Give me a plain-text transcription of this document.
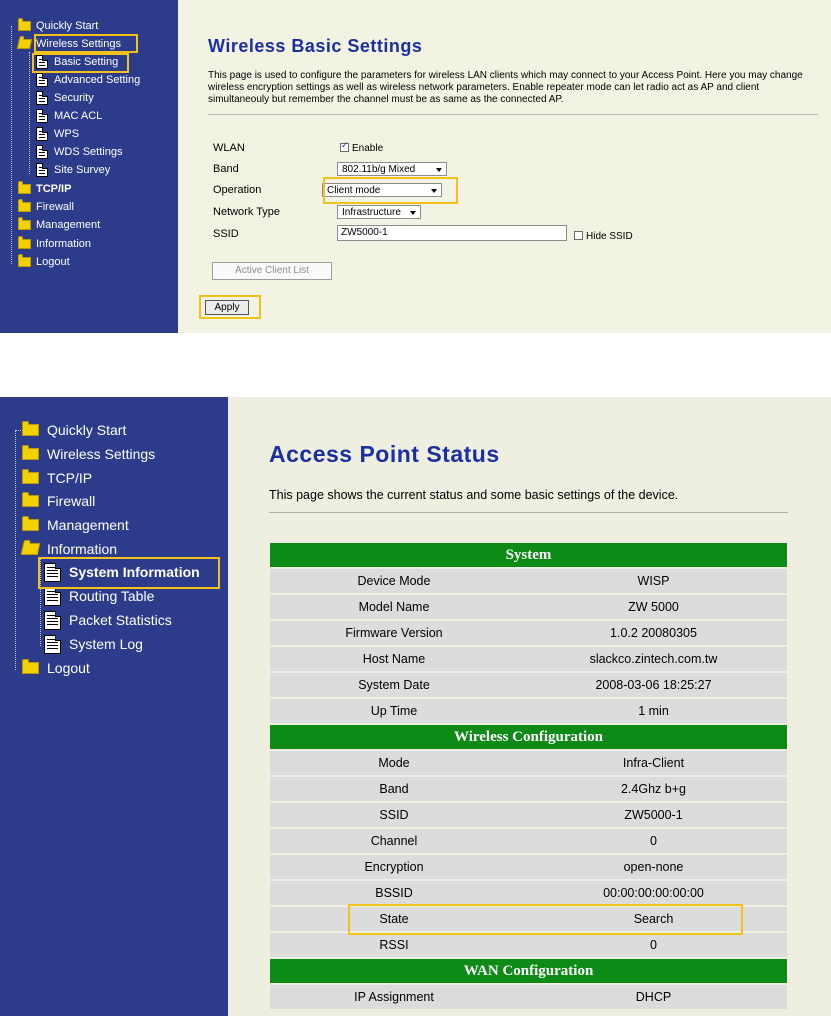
Quickly Start
Wireless Settings
Basic Setting
Advanced Setting
Security
MAC ACL
WPS
WDS Settings
Site Survey
TCP/IP
Firewall
Management
Information
Logout
Wireless Basic Settings
This page is used to configure the parameters for wireless LAN clients which may connect to your Access Point. Here you may change wireless encryption settings as well as wireless network parameters. Enable repeater mode can let radio act as AP and client simultaneouly but remember the channel must be as same as the connected AP.
WLAN
✓	Enable
Band	802.11b/g Mixed
Operation	Client mode
Network Type	Infrastructure
SSID	ZW5000-1	Hide SSID
Active Client List
Apply
Quickly Start
Wireless Settings
TCP/IP
Firewall
Management
Information
System Information
Routing Table
Packet Statistics
System Log
Logout
Access Point Status
This page shows the current status and some basic settings of the device.
System
Device Mode	WISP
Model Name	ZW 5000
Firmware Version	1.0.2 20080305
Host Name	slackco.zintech.com.tw
System Date	2008-03-06 18:25:27
Up Time	1 min
Wireless Configuration
Mode	Infra-Client
Band	2.4Ghz b+g
SSID	ZW5000-1
Channel	0
Encryption	open-none
BSSID	00:00:00:00:00:00
State	Search
RSSI	0
WAN Configuration
IP Assignment	DHCP
